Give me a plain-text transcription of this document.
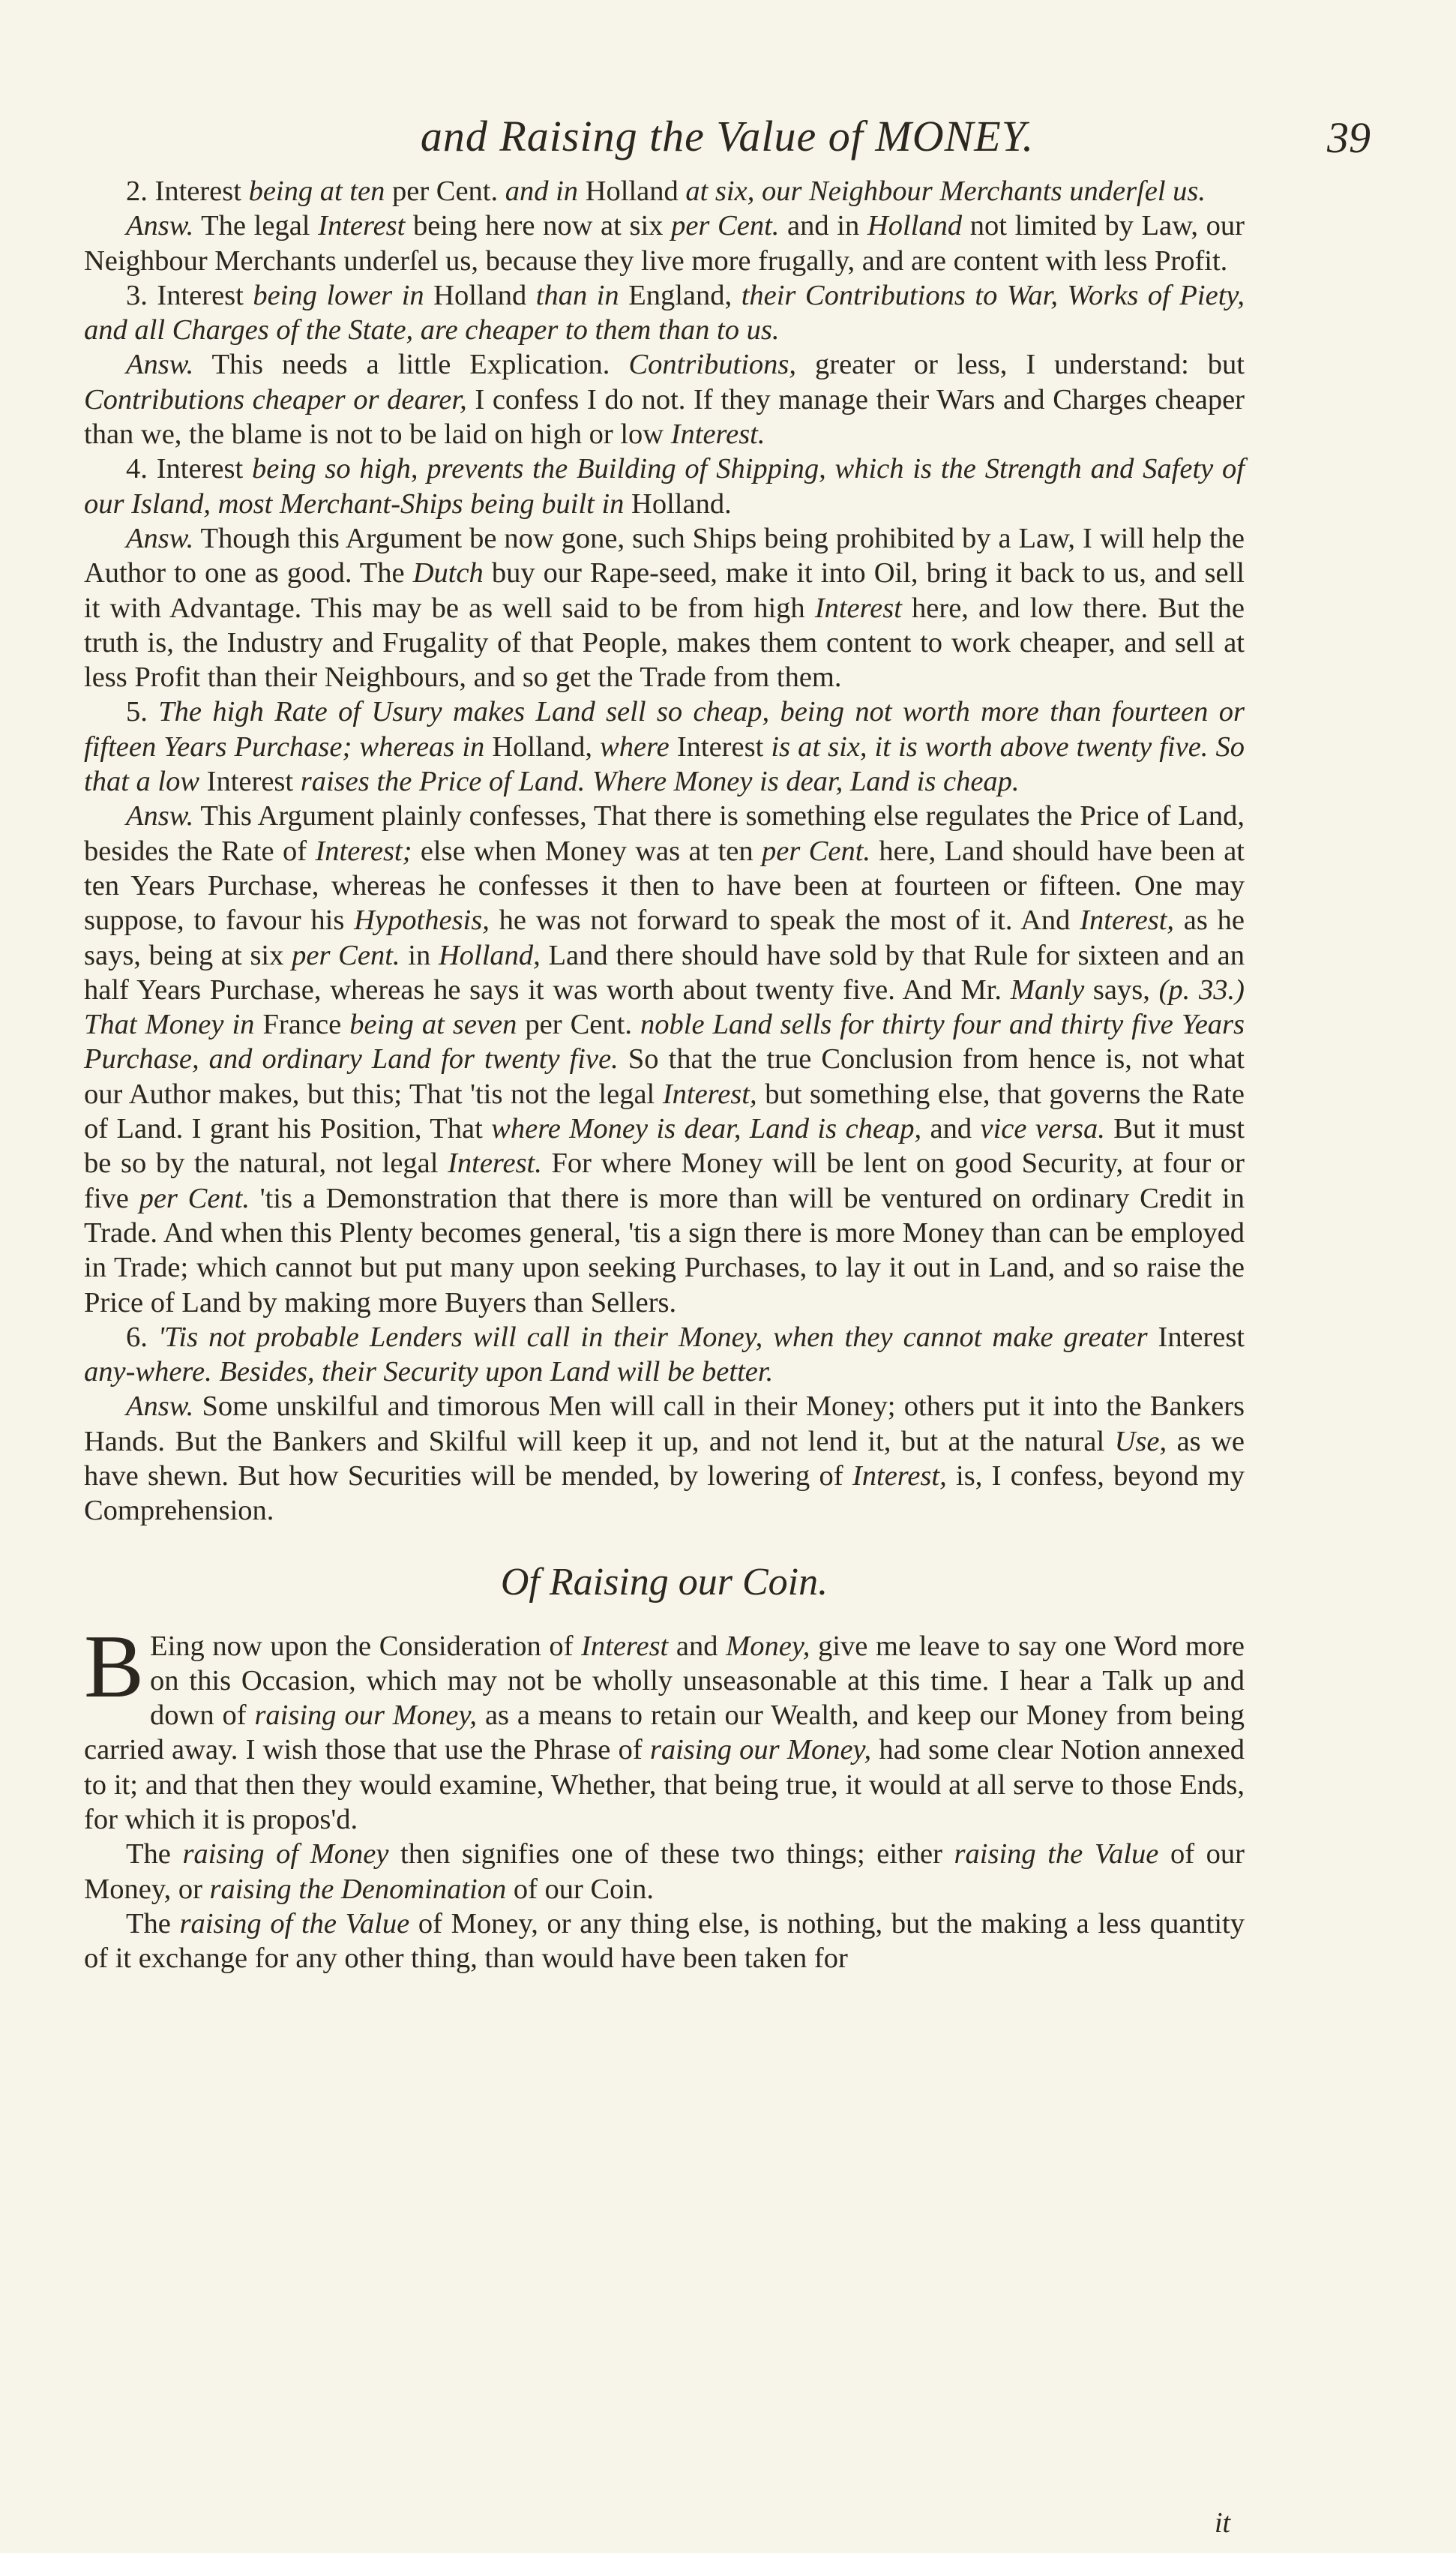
and Raising the Value of MONEY.	39

2. Interest being at ten per Cent. and in Holland at six, our Neighbour Merchants underſel us.

Answ. The legal Interest being here now at six per Cent. and in Holland not limited by Law, our Neighbour Merchants underſel us, because they live more frugally, and are content with less Profit.

3. Interest being lower in Holland than in England, their Contributions to War, Works of Piety, and all Charges of the State, are cheaper to them than to us.

Answ. This needs a little Explication. Contributions, greater or less, I understand: but Contributions cheaper or dearer, I confess I do not. If they manage their Wars and Charges cheaper than we, the blame is not to be laid on high or low Interest.

4. Interest being so high, prevents the Building of Shipping, which is the Strength and Safety of our Island, most Merchant-Ships being built in Holland.

Answ. Though this Argument be now gone, such Ships being prohibited by a Law, I will help the Author to one as good. The Dutch buy our Rape-seed, make it into Oil, bring it back to us, and sell it with Advantage. This may be as well said to be from high Interest here, and low there. But the truth is, the Industry and Frugality of that People, makes them content to work cheaper, and sell at less Profit than their Neighbours, and so get the Trade from them.

5. The high Rate of Usury makes Land sell so cheap, being not worth more than fourteen or fifteen Years Purchase; whereas in Holland, where Interest is at six, it is worth above twenty five. So that a low Interest raises the Price of Land. Where Money is dear, Land is cheap.

Answ. This Argument plainly confesses, That there is something else regulates the Price of Land, besides the Rate of Interest; else when Money was at ten per Cent. here, Land should have been at ten Years Purchase, whereas he confesses it then to have been at fourteen or fifteen. One may suppose, to favour his Hypothesis, he was not forward to speak the most of it. And Interest, as he says, being at six per Cent. in Holland, Land there should have sold by that Rule for sixteen and an half Years Purchase, whereas he says it was worth about twenty five. And Mr. Manly says, (p. 33.) That Money in France being at seven per Cent. noble Land sells for thirty four and thirty five Years Purchase, and ordinary Land for twenty five. So that the true Conclusion from hence is, not what our Author makes, but this; That 'tis not the legal Interest, but something else, that governs the Rate of Land. I grant his Position, That where Money is dear, Land is cheap, and vice versa. But it must be so by the natural, not legal Interest. For where Money will be lent on good Security, at four or five per Cent. 'tis a Demonstration that there is more than will be ventured on ordinary Credit in Trade. And when this Plenty becomes general, 'tis a sign there is more Money than can be employed in Trade; which cannot but put many upon seeking Purchases, to lay it out in Land, and so raise the Price of Land by making more Buyers than Sellers.

6. 'Tis not probable Lenders will call in their Money, when they cannot make greater Interest any-where. Besides, their Security upon Land will be better.

Answ. Some unskilful and timorous Men will call in their Money; others put it into the Bankers Hands. But the Bankers and Skilful will keep it up, and not lend it, but at the natural Use, as we have shewn. But how Securities will be mended, by lowering of Interest, is, I confess, beyond my Comprehension.

Of Raising our Coin.

B Eing now upon the Consideration of Interest and Money, give me leave to say one Word more on this Occasion, which may not be wholly unseasonable at this time. I hear a Talk up and down of raising our Money, as a means to retain our Wealth, and keep our Money from being carried away. I wish those that use the Phrase of raising our Money, had some clear Notion annexed to it; and that then they would examine, Whether, that being true, it would at all serve to those Ends, for which it is propos'd.

The raising of Money then signifies one of these two things; either raising the Value of our Money, or raising the Denomination of our Coin.

The raising of the Value of Money, or any thing else, is nothing, but the making a less quantity of it exchange for any other thing, than would have been taken for

it
